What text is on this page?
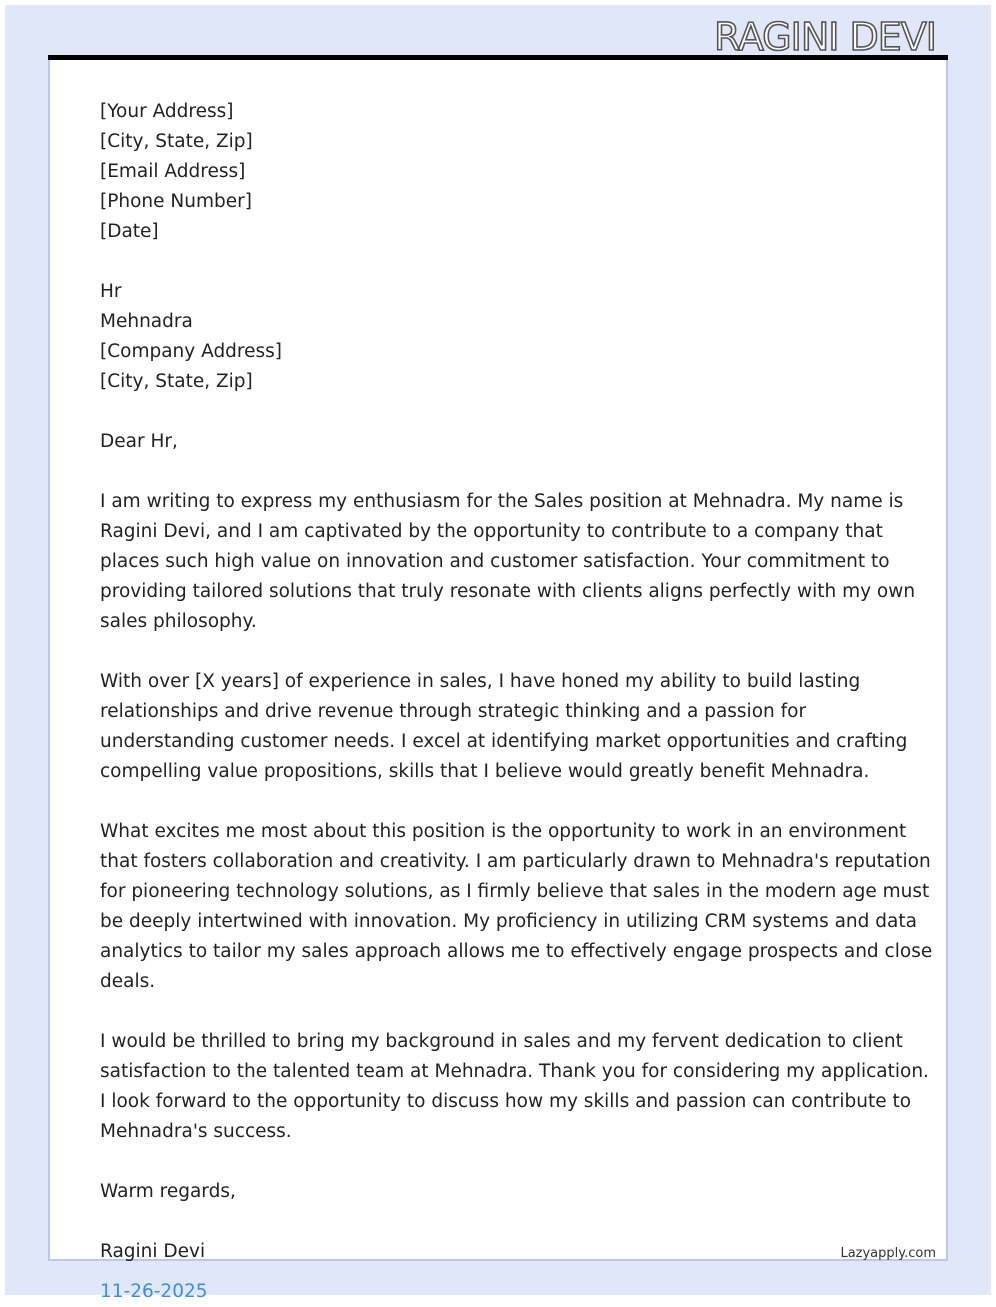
RAGINI DEVI
[Your Address]
[City, State, Zip]
[Email Address]
[Phone Number]
[Date]
Hr
Mehnadra
[Company Address]
[City, State, Zip]
Dear Hr,
I am writing to express my enthusiasm for the Sales position at Mehnadra. My name is
Ragini Devi, and I am captivated by the opportunity to contribute to a company that
places such high value on innovation and customer satisfaction. Your commitment to
providing tailored solutions that truly resonate with clients aligns perfectly with my own
sales philosophy.
With over [X years] of experience in sales, I have honed my ability to build lasting
relationships and drive revenue through strategic thinking and a passion for
understanding customer needs. I excel at identifying market opportunities and crafting
compelling value propositions, skills that I believe would greatly benefit Mehnadra.
What excites me most about this position is the opportunity to work in an environment
that fosters collaboration and creativity. I am particularly drawn to Mehnadra's reputation
for pioneering technology solutions, as I firmly believe that sales in the modern age must
be deeply intertwined with innovation. My proficiency in utilizing CRM systems and data
analytics to tailor my sales approach allows me to effectively engage prospects and close
deals.
I would be thrilled to bring my background in sales and my fervent dedication to client
satisfaction to the talented team at Mehnadra. Thank you for considering my application.
I look forward to the opportunity to discuss how my skills and passion can contribute to
Mehnadra's success.
Warm regards,
Ragini Devi
11-26-2025
Lazyapply.com
